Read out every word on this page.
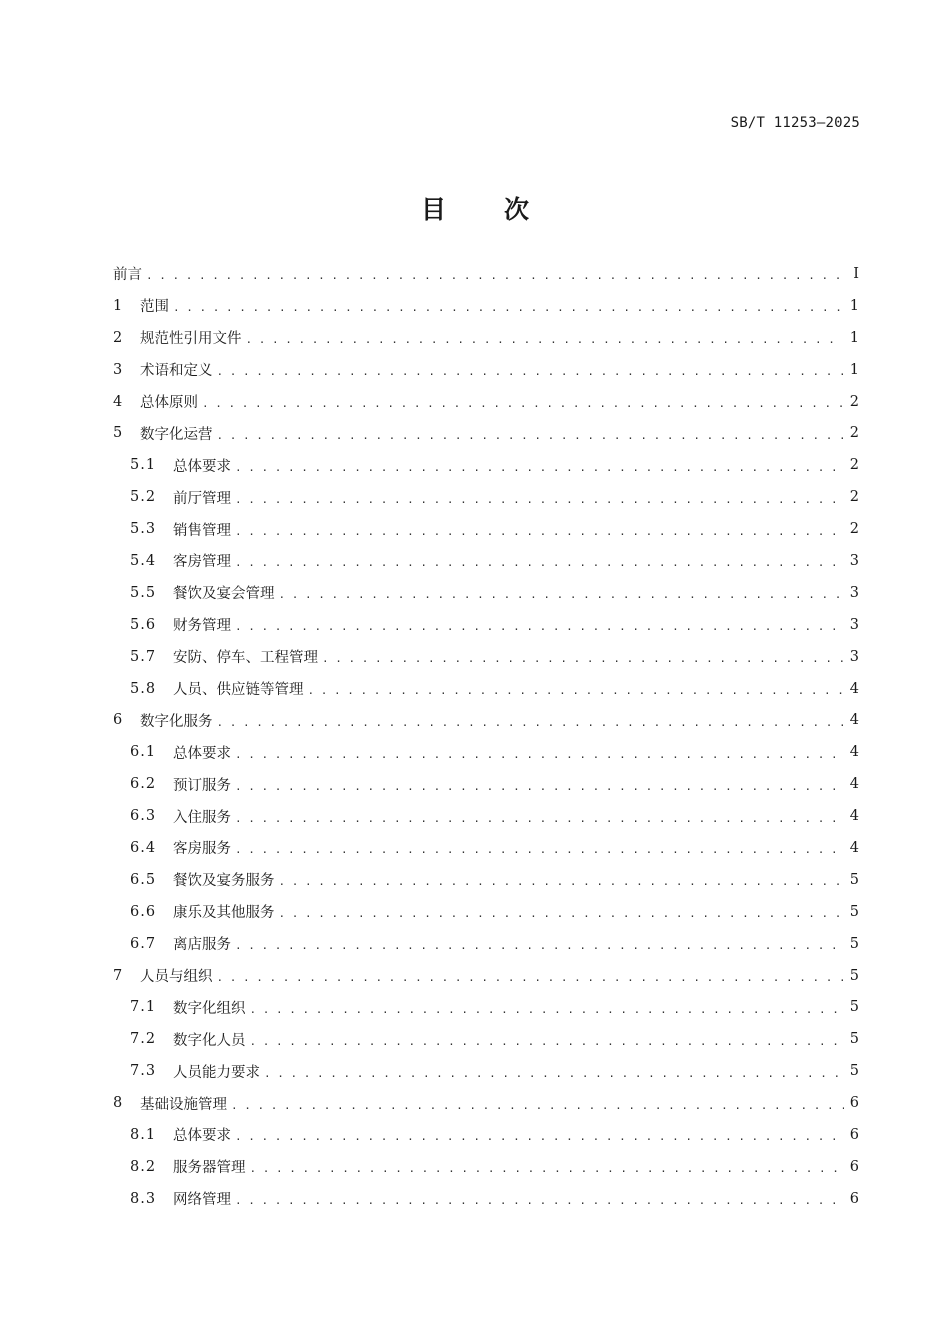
SB/T 11253—2025
目次
前言 . . .	I
1	范围 . . .	1
2	规范性引用文件 . . .	1
3	术语和定义 . . .	1
4	总体原则 . . .	2
5	数字化运营 . . .	2
5.1	总体要求 . . .	2
5.2	前厅管理 . . .	2
5.3	销售管理 . . .	2
5.4	客房管理 . . .	3
5.5	餐饮及宴会管理 . . .	3
5.6	财务管理 . . .	3
5.7	安防、停车、工程管理 . . .	3
5.8	人员、供应链等管理 . . .	4
6	数字化服务 . . .	4
6.1	总体要求 . . .	4
6.2	预订服务 . . .	4
6.3	入住服务 . . .	4
6.4	客房服务 . . .	4
6.5	餐饮及宴务服务 . . .	5
6.6	康乐及其他服务 . . .	5
6.7	离店服务 . . .	5
7	人员与组织 . . .	5
7.1	数字化组织 . . .	5
7.2	数字化人员 . . .	5
7.3	人员能力要求 . . .	5
8	基础设施管理 . . .	6
8.1	总体要求 . . .	6
8.2	服务器管理 . . .	6
8.3	网络管理 . . .	6
